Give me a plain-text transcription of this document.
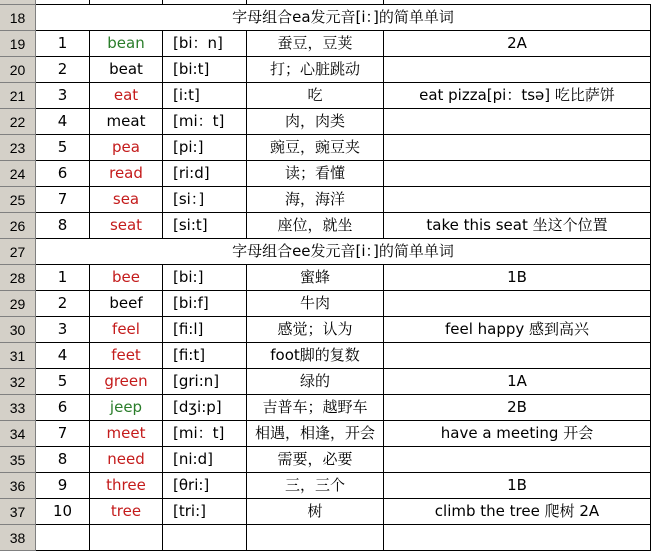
18	字母组合ea发元音[i：]的简单单词
19	1	bean	[bi：n]	蚕豆，豆荚	2A
20	2	beat	[bi:t]	打；心脏跳动
21	3	eat	[i:t]	吃	eat pizza[pi：tsə] 吃比萨饼
22	4	meat	[mi：t]	肉，肉类
23	5	pea	[pi:]	豌豆，豌豆夹
24	6	read	[ri:d]	读；看懂
25	7	sea	[si：]	海，海洋
26	8	seat	[si:t]	座位，就坐	take this seat 坐这个位置
27	字母组合ee发元音[i：]的简单单词
28	1	bee	[bi:]	蜜蜂	1B
29	2	beef	[bi:f]	牛肉
30	3	feel	[fi:l]	感觉；认为	feel happy 感到高兴
31	4	feet	[fi:t]	foot脚的复数
32	5	green	[gri:n]	绿的	1A
33	6	jeep	[dʒi:p]	吉普车；越野车	2B
34	7	meet	[mi：t]	相遇，相逢，开会	have a meeting 开会
35	8	need	[ni:d]	需要，必要
36	9	three	[θri:]	三，三个	1B
37	10	tree	[tri:]	树	climb the tree 爬树 2A
38
